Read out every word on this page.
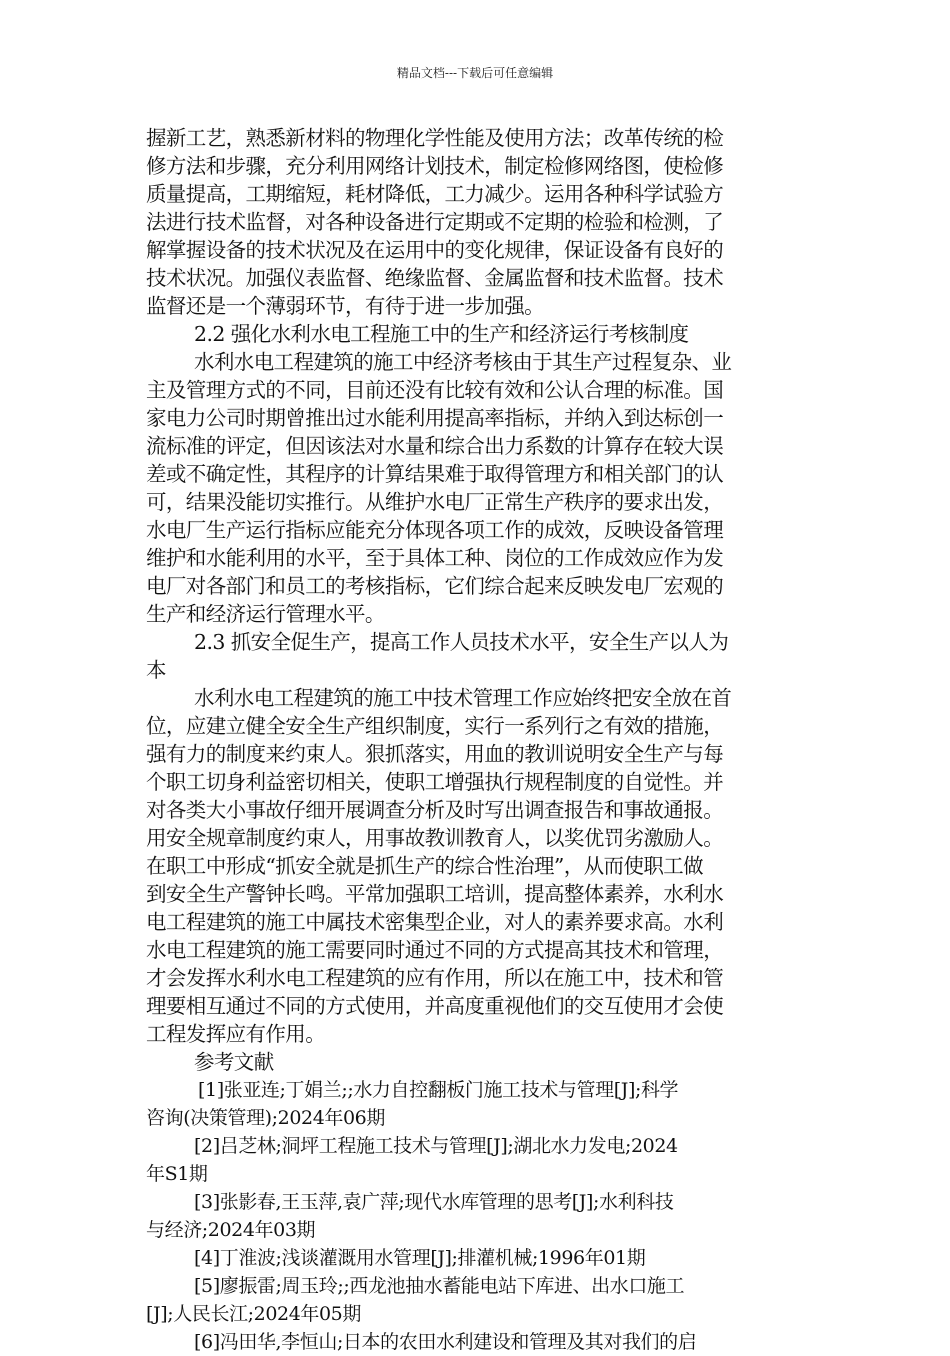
精品文档---下载后可任意编辑
握新工艺，熟悉新材料的物理化学性能及使用方法；改革传统的检
修方法和步骤，充分利用网络计划技术，制定检修网络图，使检修
质量提高，工期缩短，耗材降低，工力减少。运用各种科学试验方
法进行技术监督，对各种设备进行定期或不定期的检验和检测，了
解掌握设备的技术状况及在运用中的变化规律，保证设备有良好的
技术状况。加强仪表监督、绝缘监督、金属监督和技术监督。技术
监督还是一个薄弱环节，有待于进一步加强。
2.2 强化水利水电工程施工中的生产和经济运行考核制度
水利水电工程建筑的施工中经济考核由于其生产过程复杂、业
主及管理方式的不同，目前还没有比较有效和公认合理的标准。国
家电力公司时期曾推出过水能利用提高率指标，并纳入到达标创一
流标准的评定，但因该法对水量和综合出力系数的计算存在较大误
差或不确定性，其程序的计算结果难于取得管理方和相关部门的认
可，结果没能切实推行。从维护水电厂正常生产秩序的要求出发，
水电厂生产运行指标应能充分体现各项工作的成效，反映设备管理
维护和水能利用的水平，至于具体工种、岗位的工作成效应作为发
电厂对各部门和员工的考核指标，它们综合起来反映发电厂宏观的
生产和经济运行管理水平。
2.3 抓安全促生产，提高工作人员技术水平，安全生产以人为
本
水利水电工程建筑的施工中技术管理工作应始终把安全放在首
位，应建立健全安全生产组织制度，实行一系列行之有效的措施，
强有力的制度来约束人。狠抓落实，用血的教训说明安全生产与每
个职工切身利益密切相关，使职工增强执行规程制度的自觉性。并
对各类大小事故仔细开展调查分析及时写出调查报告和事故通报。
用安全规章制度约束人，用事故教训教育人，以奖优罚劣激励人。
在职工中形成“抓安全就是抓生产的综合性治理”，从而使职工做
到安全生产警钟长鸣。平常加强职工培训，提高整体素养，水利水
电工程建筑的施工中属技术密集型企业，对人的素养要求高。水利
水电工程建筑的施工需要同时通过不同的方式提高其技术和管理，
才会发挥水利水电工程建筑的应有作用，所以在施工中，技术和管
理要相互通过不同的方式使用，并高度重视他们的交互使用才会使
工程发挥应有作用。
参考文献
[1]张亚连;丁娟兰;;水力自控翻板门施工技术与管理[J];科学
咨询(决策管理);2024年06期
[2]吕芝林;洞坪工程施工技术与管理[J];湖北水力发电;2024
年S1期
[3]张影春,王玉萍,袁广萍;现代水库管理的思考[J];水利科技
与经济;2024年03期
[4]丁淮波;浅谈灌溉用水管理[J];排灌机械;1996年01期
[5]廖振雷;周玉玲;;西龙池抽水蓄能电站下库进、出水口施工
[J];人民长江;2024年05期
[6]冯田华,李恒山;日本的农田水利建设和管理及其对我们的启
